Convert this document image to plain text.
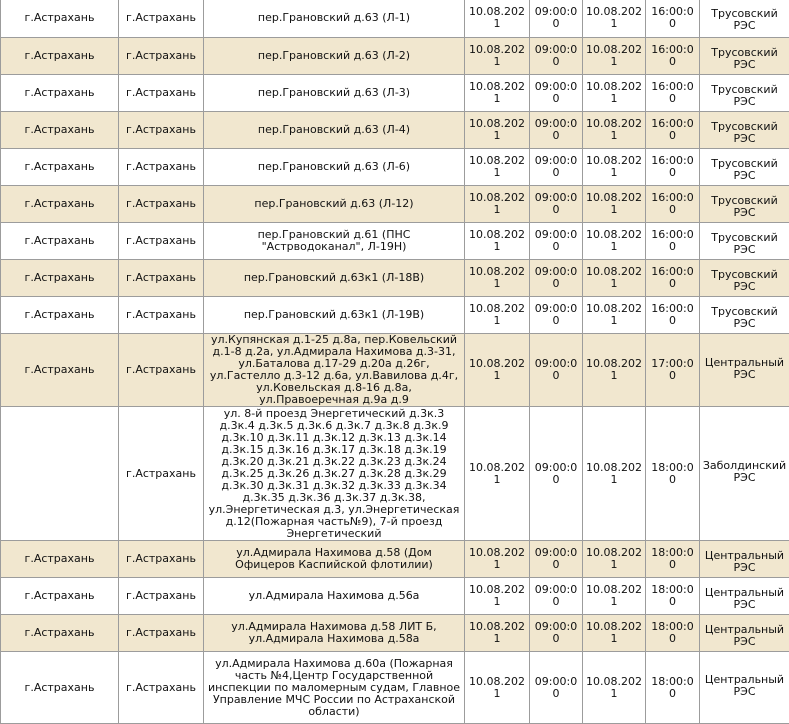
г.Астрахань	г.Астрахань	пер.Грановский д.63 (Л-1)	10.08.2021	09:00:00	10.08.2021	16:00:00	Трусовский РЭС
г.Астрахань	г.Астрахань	пер.Грановский д.63 (Л-2)	10.08.2021	09:00:00	10.08.2021	16:00:00	Трусовский РЭС
г.Астрахань	г.Астрахань	пер.Грановский д.63 (Л-3)	10.08.2021	09:00:00	10.08.2021	16:00:00	Трусовский РЭС
г.Астрахань	г.Астрахань	пер.Грановский д.63 (Л-4)	10.08.2021	09:00:00	10.08.2021	16:00:00	Трусовский РЭС
г.Астрахань	г.Астрахань	пер.Грановский д.63 (Л-6)	10.08.2021	09:00:00	10.08.2021	16:00:00	Трусовский РЭС
г.Астрахань	г.Астрахань	пер.Грановский д.63 (Л-12)	10.08.2021	09:00:00	10.08.2021	16:00:00	Трусовский РЭС
г.Астрахань	г.Астрахань	пер.Грановский д.61 (ПНС "Астрводоканал", Л-19Н)	10.08.2021	09:00:00	10.08.2021	16:00:00	Трусовский РЭС
г.Астрахань	г.Астрахань	пер.Грановский д.63к1 (Л-18В)	10.08.2021	09:00:00	10.08.2021	16:00:00	Трусовский РЭС
г.Астрахань	г.Астрахань	пер.Грановский д.63к1 (Л-19В)	10.08.2021	09:00:00	10.08.2021	16:00:00	Трусовский РЭС
г.Астрахань	г.Астрахань	ул.Купянская д.1-25 д.8а, пер.Ковельский д.1-8 д.2а, ул.Адмирала Нахимова д.3-31, ул.Баталова д.17-29 д.20а д.26г, ул.Гастелло д.3-12 д.6а, ул.Вавилова д.4г, ул.Ковельская д.8-16 д.8а, ул.Правоеречная д.9а д.9	10.08.2021	09:00:00	10.08.2021	17:00:00	Центральный РЭС
	г.Астрахань	ул. 8-й проезд Энергетический д.3к.3 д.3к.4 д.3к.5 д.3к.6 д.3к.7 д.3к.8 д.3к.9 д.3к.10 д.3к.11 д.3к.12 д.3к.13 д.3к.14 д.3к.15 д.3к.16 д.3к.17 д.3к.18 д.3к.19 д.3к.20 д.3к.21 д.3к.22 д.3к.23 д.3к.24 д.3к.25 д.3к.26 д.3к.27 д.3к.28 д.3к.29 д.3к.30 д.3к.31 д.3к.32 д.3к.33 д.3к.34 д.3к.35 д.3к.36 д.3к.37 д.3к.38, ул.Энергетическая д.3, ул.Энергетическая д.12(Пожарная часть№9), 7-й проезд Энергетический	10.08.2021	09:00:00	10.08.2021	18:00:00	Заболдинский РЭС
г.Астрахань	г.Астрахань	ул.Адмирала Нахимова д.58 (Дом Офицеров Каспийской флотилии)	10.08.2021	09:00:00	10.08.2021	18:00:00	Центральный РЭС
г.Астрахань	г.Астрахань	ул.Адмирала Нахимова д.56а	10.08.2021	09:00:00	10.08.2021	18:00:00	Центральный РЭС
г.Астрахань	г.Астрахань	ул.Адмирала Нахимова д.58 ЛИТ Б, ул.Адмирала Нахимова д.58а	10.08.2021	09:00:00	10.08.2021	18:00:00	Центральный РЭС
г.Астрахань	г.Астрахань	ул.Адмирала Нахимова д.60а (Пожарная часть №4,Центр Государственной инспекции по маломерным судам, Главное Управление МЧС России по Астраханской области)	10.08.2021	09:00:00	10.08.2021	18:00:00	Центральный РЭС
